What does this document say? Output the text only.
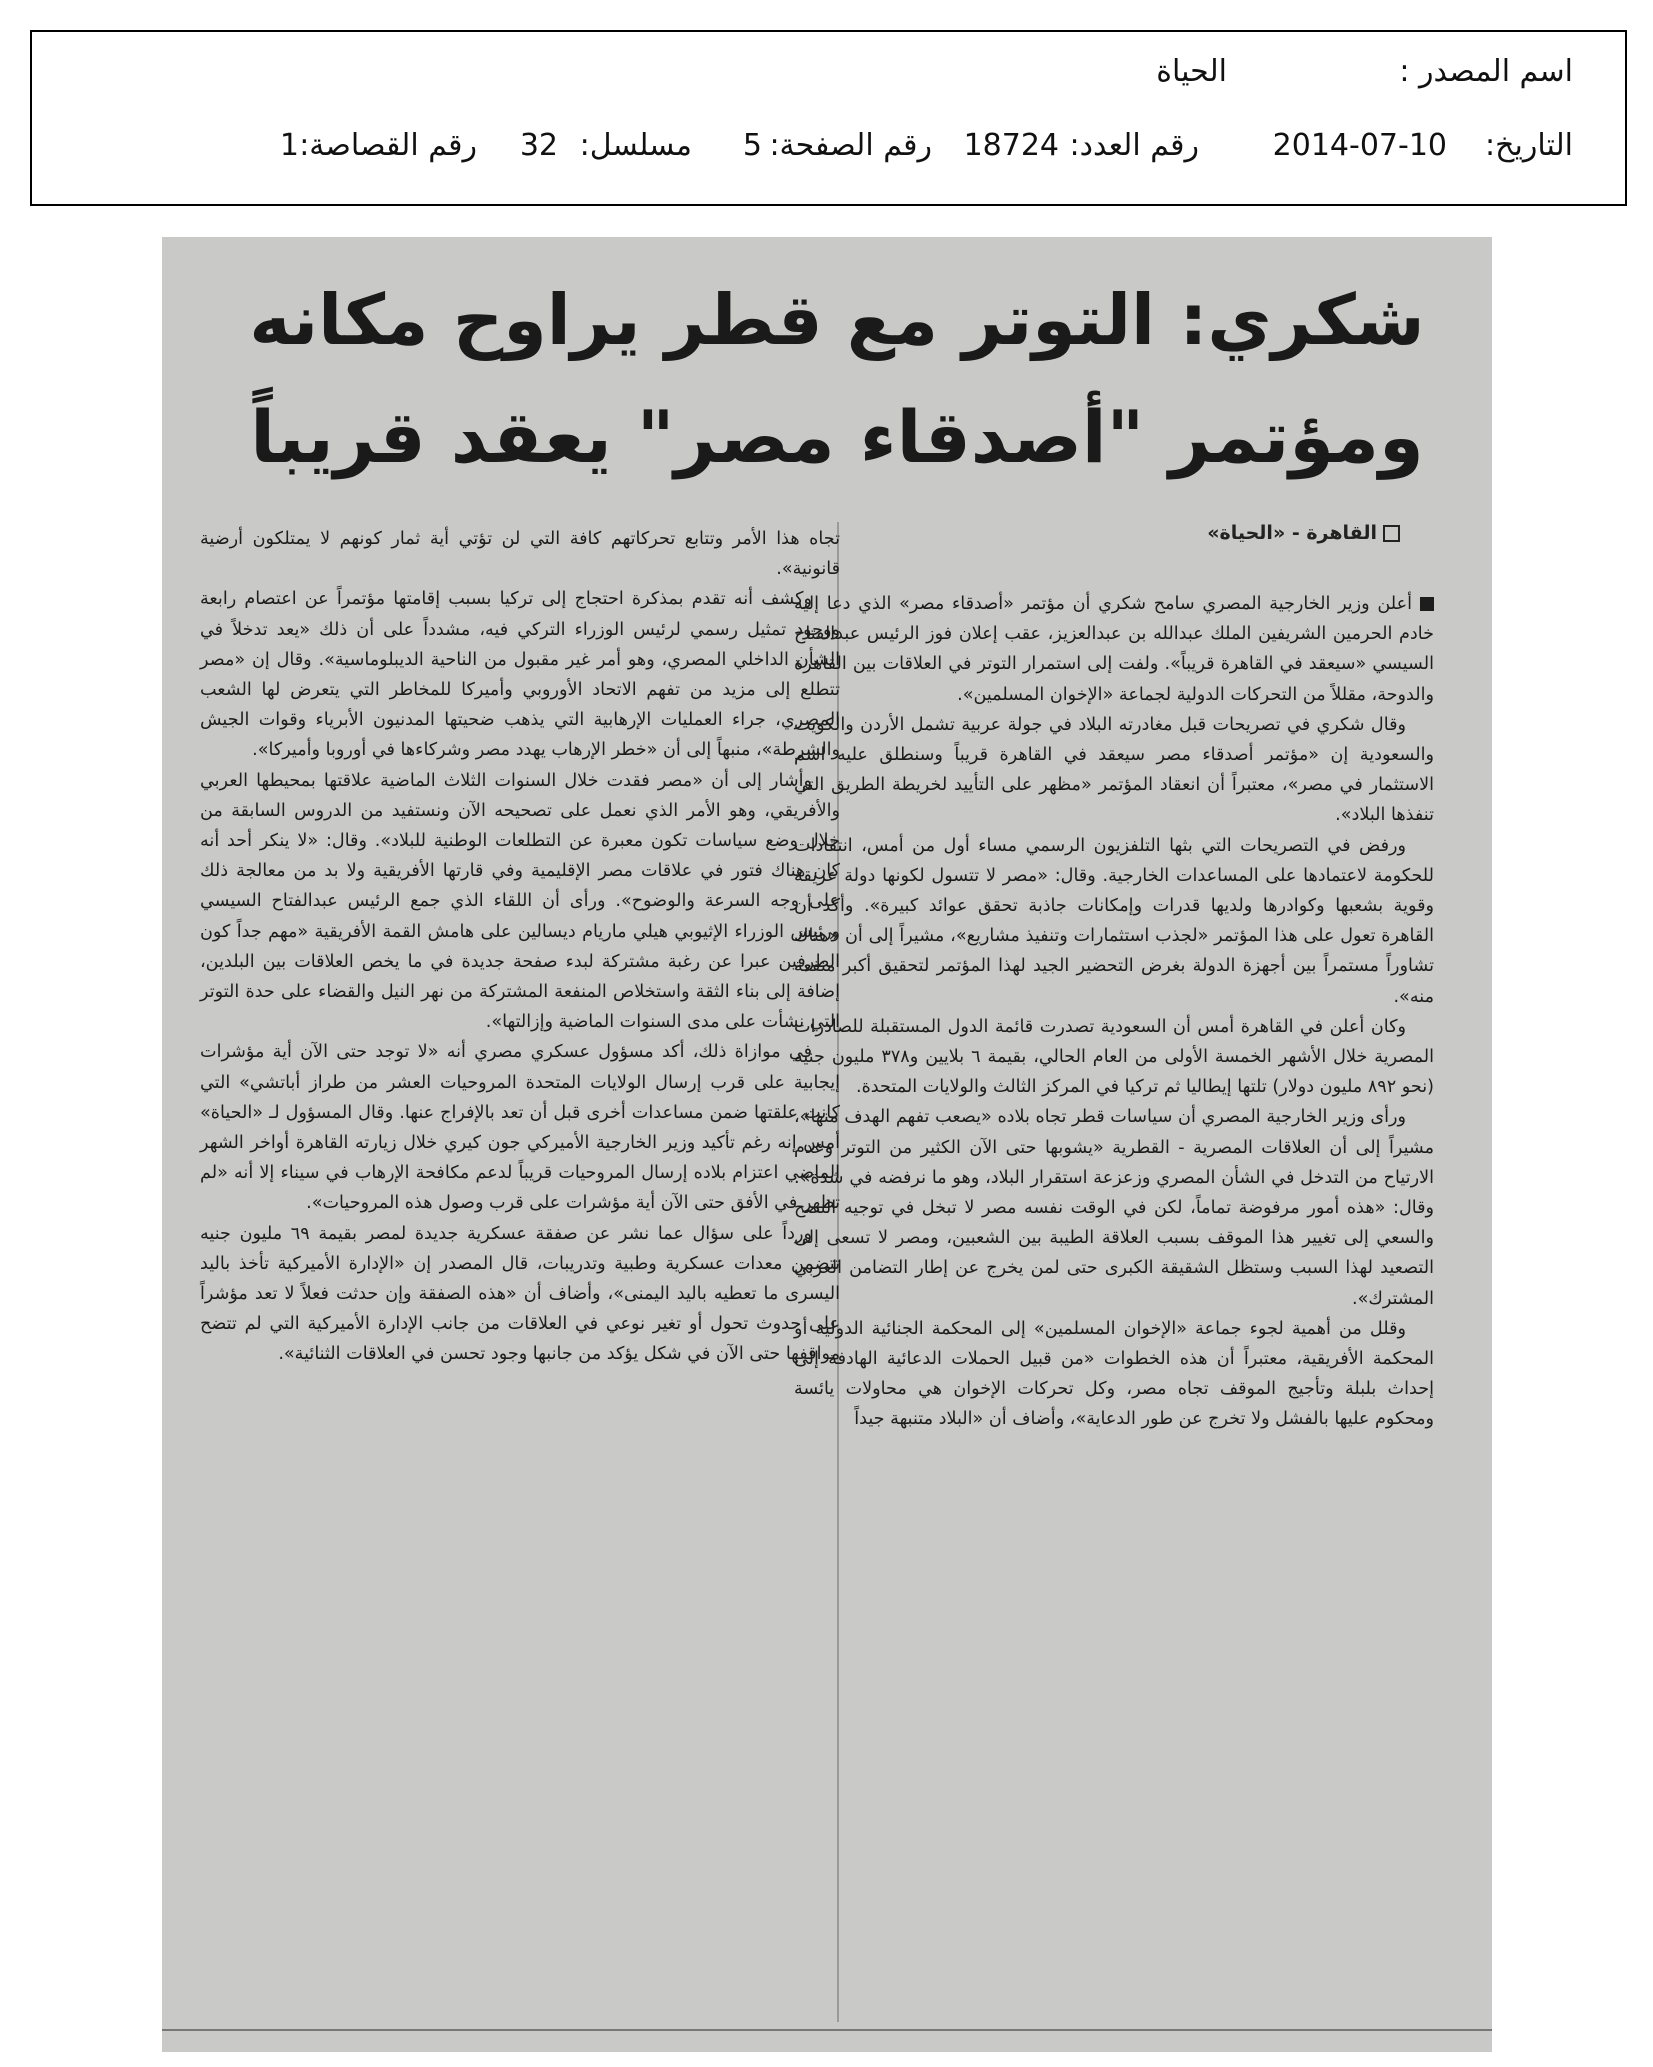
اسم المصدر :
الحياة
التاريخ:
2014-07-10
رقم العدد:
18724
رقم الصفحة:
5
مسلسل:
32
رقم القصاصة:
1
شكري: التوتر مع قطر يراوح مكانه
ومؤتمر "أصدقاء مصر" يعقد قريباً
القاهرة - «الحياة»

أعلن وزير الخارجية المصري سامح شكري أن مؤتمر «أصدقاء مصر» الذي دعا إليه خادم الحرمين الشريفين الملك عبدالله بن عبدالعزيز، عقب إعلان فوز الرئيس عبدالفتاح السيسي «سيعقد في القاهرة قريباً». ولفت إلى استمرار التوتر في العلاقات بين القاهرة والدوحة، مقللاً من التحركات الدولية لجماعة «الإخوان المسلمين».

وقال شكري في تصريحات قبل مغادرته البلاد في جولة عربية تشمل الأردن والكويت والسعودية إن «مؤتمر أصدقاء مصر سيعقد في القاهرة قريباً وسنطلق عليه اسم الاستثمار في مصر»، معتبراً أن انعقاد المؤتمر «مظهر على التأييد لخريطة الطريق التي تنفذها البلاد».

ورفض في التصريحات التي بثها التلفزيون الرسمي مساء أول من أمس، انتقادات للحكومة لاعتمادها على المساعدات الخارجية. وقال: «مصر لا تتسول لكونها دولة عريقة وقوية بشعبها وكوادرها ولديها قدرات وإمكانات جاذبة تحقق عوائد كبيرة». وأكد أن القاهرة تعول على هذا المؤتمر «لجذب استثمارات وتنفيذ مشاريع»، مشيراً إلى أن «هناك تشاوراً مستمراً بين أجهزة الدولة بغرض التحضير الجيد لهذا المؤتمر لتحقيق أكبر منفعة منه».

وكان أعلن في القاهرة أمس أن السعودية تصدرت قائمة الدول المستقبلة للصادرات المصرية خلال الأشهر الخمسة الأولى من العام الحالي، بقيمة ٦ بلايين و٣٧٨ مليون جنيه (نحو ٨٩٢ مليون دولار) تلتها إيطاليا ثم تركيا في المركز الثالث والولايات المتحدة.

ورأى وزير الخارجية المصري أن سياسات قطر تجاه بلاده «يصعب تفهم الهدف منها»، مشيراً إلى أن العلاقات المصرية - القطرية «يشوبها حتى الآن الكثير من التوتر وعدم الارتياح من التدخل في الشأن المصري وزعزعة استقرار البلاد، وهو ما نرفضه في شدة». وقال: «هذه أمور مرفوضة تماماً، لكن في الوقت نفسه مصر لا تبخل في توجيه النصح والسعي إلى تغيير هذا الموقف بسبب العلاقة الطيبة بين الشعبين، ومصر لا تسعى إلى التصعيد لهذا السبب وستظل الشقيقة الكبرى حتى لمن يخرج عن إطار التضامن العربي المشترك».

وقلل من أهمية لجوء جماعة «الإخوان المسلمين» إلى المحكمة الجنائية الدولية أو المحكمة الأفريقية، معتبراً أن هذه الخطوات «من قبيل الحملات الدعائية الهادفة إلى إحداث بلبلة وتأجيج الموقف تجاه مصر، وكل تحركات الإخوان هي محاولات يائسة ومحكوم عليها بالفشل ولا تخرج عن طور الدعاية»، وأضاف أن «البلاد متنبهة جيداً

تجاه هذا الأمر وتتابع تحركاتهم كافة التي لن تؤتي أية ثمار كونهم لا يمتلكون أرضية قانونية».

وكشف أنه تقدم بمذكرة احتجاج إلى تركيا بسبب إقامتها مؤتمراً عن اعتصام رابعة ووجود تمثيل رسمي لرئيس الوزراء التركي فيه، مشدداً على أن ذلك «يعد تدخلاً في الشأن الداخلي المصري، وهو أمر غير مقبول من الناحية الديبلوماسية». وقال إن «مصر تتطلع إلى مزيد من تفهم الاتحاد الأوروبي وأميركا للمخاطر التي يتعرض لها الشعب المصري، جراء العمليات الإرهابية التي يذهب ضحيتها المدنيون الأبرياء وقوات الجيش والشرطة»، منبهاً إلى أن «خطر الإرهاب يهدد مصر وشركاءها في أوروبا وأميركا».

وأشار إلى أن «مصر فقدت خلال السنوات الثلاث الماضية علاقتها بمحيطها العربي والأفريقي، وهو الأمر الذي نعمل على تصحيحه الآن ونستفيد من الدروس السابقة من خلال وضع سياسات تكون معبرة عن التطلعات الوطنية للبلاد». وقال: «لا ينكر أحد أنه كان هناك فتور في علاقات مصر الإقليمية وفي قارتها الأفريقية ولا بد من معالجة ذلك على وجه السرعة والوضوح». ورأى أن اللقاء الذي جمع الرئيس عبدالفتاح السيسي ورئيس الوزراء الإثيوبي هيلي ماريام ديسالين على هامش القمة الأفريقية «مهم جداً كون الطرفين عبرا عن رغبة مشتركة لبدء صفحة جديدة في ما يخص العلاقات بين البلدين، إضافة إلى بناء الثقة واستخلاص المنفعة المشتركة من نهر النيل والقضاء على حدة التوتر التي نشأت على مدى السنوات الماضية وإزالتها».

في موازاة ذلك، أكد مسؤول عسكري مصري أنه «لا توجد حتى الآن أية مؤشرات إيجابية على قرب إرسال الولايات المتحدة المروحيات العشر من طراز أباتشي» التي كانت علقتها ضمن مساعدات أخرى قبل أن تعد بالإفراج عنها. وقال المسؤول لـ «الحياة» أمس إنه رغم تأكيد وزير الخارجية الأميركي جون كيري خلال زيارته القاهرة أواخر الشهر الماضي اعتزام بلاده إرسال المروحيات قريباً لدعم مكافحة الإرهاب في سيناء إلا أنه «لم تظهر في الأفق حتى الآن أية مؤشرات على قرب وصول هذه المروحيات».

ورداً على سؤال عما نشر عن صفقة عسكرية جديدة لمصر بقيمة ٦٩ مليون جنيه تتضمن معدات عسكرية وطبية وتدريبات، قال المصدر إن «الإدارة الأميركية تأخذ باليد اليسرى ما تعطيه باليد اليمنى»، وأضاف أن «هذه الصفقة وإن حدثت فعلاً لا تعد مؤشراً على حدوث تحول أو تغير نوعي في العلاقات من جانب الإدارة الأميركية التي لم تتضح مواقفها حتى الآن في شكل يؤكد من جانبها وجود تحسن في العلاقات الثنائية».
